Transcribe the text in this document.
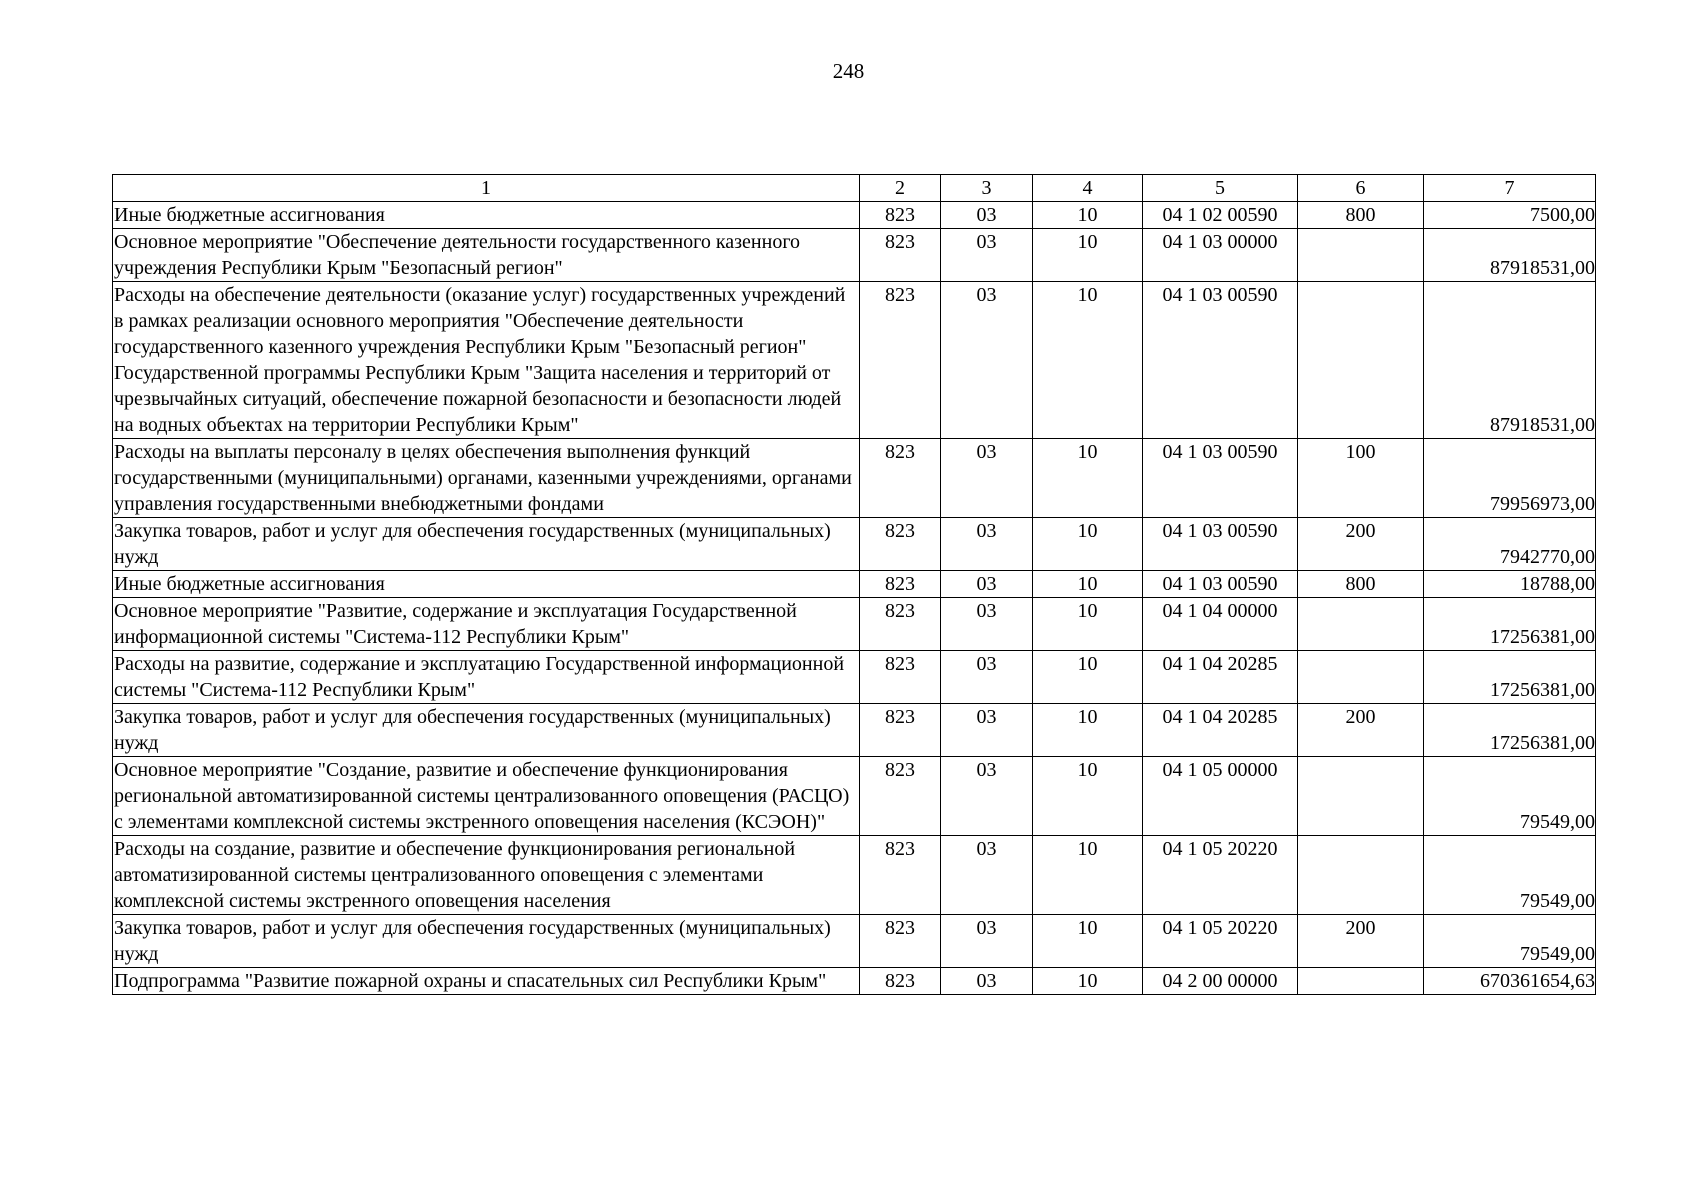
248
1	2	3	4	5	6	7
Иные бюджетные ассигнования	823	03	10	04 1 02 00590	800	7500,00
Основное мероприятие "Обеспечение деятельности государственного казенного учреждения Республики Крым "Безопасный регион"	823	03	10	04 1 03 00000		87918531,00
Расходы на обеспечение деятельности (оказание услуг) государственных учреждений в рамках реализации основного мероприятия "Обеспечение деятельности государственного казенного учреждения Республики Крым "Безопасный регион" Государственной программы Республики Крым "Защита населения и территорий от чрезвычайных ситуаций, обеспечение пожарной безопасности и безопасности людей на водных объектах на территории Республики Крым"	823	03	10	04 1 03 00590		87918531,00
Расходы на выплаты персоналу в целях обеспечения выполнения функций государственными (муниципальными) органами, казенными учреждениями, органами управления государственными внебюджетными фондами	823	03	10	04 1 03 00590	100	79956973,00
Закупка товаров, работ и услуг для обеспечения государственных (муниципальных) нужд	823	03	10	04 1 03 00590	200	7942770,00
Иные бюджетные ассигнования	823	03	10	04 1 03 00590	800	18788,00
Основное мероприятие "Развитие, содержание и эксплуатация Государственной информационной системы "Система-112 Республики Крым"	823	03	10	04 1 04 00000		17256381,00
Расходы на развитие, содержание и эксплуатацию Государственной информационной системы "Система-112 Республики Крым"	823	03	10	04 1 04 20285		17256381,00
Закупка товаров, работ и услуг для обеспечения государственных (муниципальных) нужд	823	03	10	04 1 04 20285	200	17256381,00
Основное мероприятие "Создание, развитие и обеспечение функционирования региональной автоматизированной системы централизованного оповещения (РАСЦО) с элементами комплексной системы экстренного оповещения населения (КСЭОН)"	823	03	10	04 1 05 00000		79549,00
Расходы на создание, развитие и обеспечение функционирования региональной автоматизированной системы централизованного оповещения с элементами комплексной системы экстренного оповещения населения	823	03	10	04 1 05 20220		79549,00
Закупка товаров, работ и услуг для обеспечения государственных (муниципальных) нужд	823	03	10	04 1 05 20220	200	79549,00
Подпрограмма "Развитие пожарной охраны и спасательных сил Республики Крым"	823	03	10	04 2 00 00000		670361654,63
